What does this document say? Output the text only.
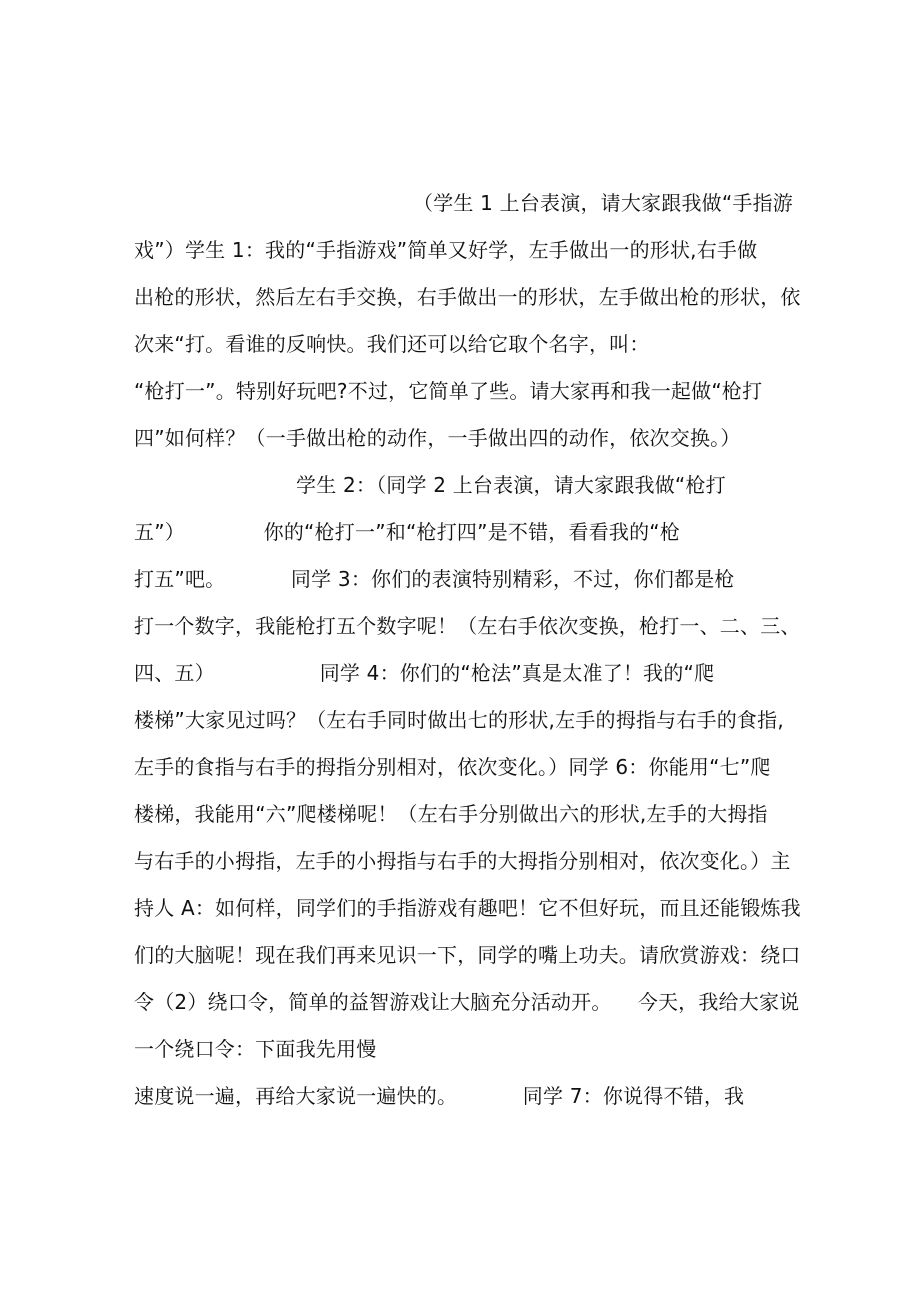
（学生 1 上台表演，请大家跟我做“手指游
戏”）学生 1：我的“手指游戏”简单又好学，左手做出一的形状,右手做
出枪的形状，然后左右手交换，右手做出一的形状，左手做出枪的形状，依
次来“打。看谁的反响快。我们还可以给它取个名字，叫：
“枪打一”。特别好玩吧?不过，它简单了些。请大家再和我一起做“枪打
四”如何样？（一手做出枪的动作，一手做出四的动作，依次交换。）
学生 2：（同学 2 上台表演，请大家跟我做“枪打
五”）            你的“枪打一”和“枪打四”是不错，看看我的“枪
打五”吧。          同学 3：你们的表演特别精彩，不过，你们都是枪
打一个数字，我能枪打五个数字呢！（左右手依次变换，枪打一、二、三、
四、五）                同学 4：你们的“枪法”真是太准了！我的“爬
楼梯”大家见过吗？（左右手同时做出七的形状,左手的拇指与右手的食指,
左手的食指与右手的拇指分别相对，依次变化。）同学 6：你能用“七”爬
楼梯，我能用“六”爬楼梯呢！（左右手分别做出六的形状,左手的大拇指
与右手的小拇指，左手的小拇指与右手的大拇指分别相对，依次变化。）主
持人 A：如何样，同学们的手指游戏有趣吧！它不但好玩，而且还能锻炼我
们的大脑呢！现在我们再来见识一下，同学的嘴上功夫。请欣赏游戏：绕口
令（2）绕口令，简单的益智游戏让大脑充分活动开。    今天，我给大家说
一个绕口令：下面我先用慢
速度说一遍，再给大家说一遍快的。          同学 7：你说得不错，我
